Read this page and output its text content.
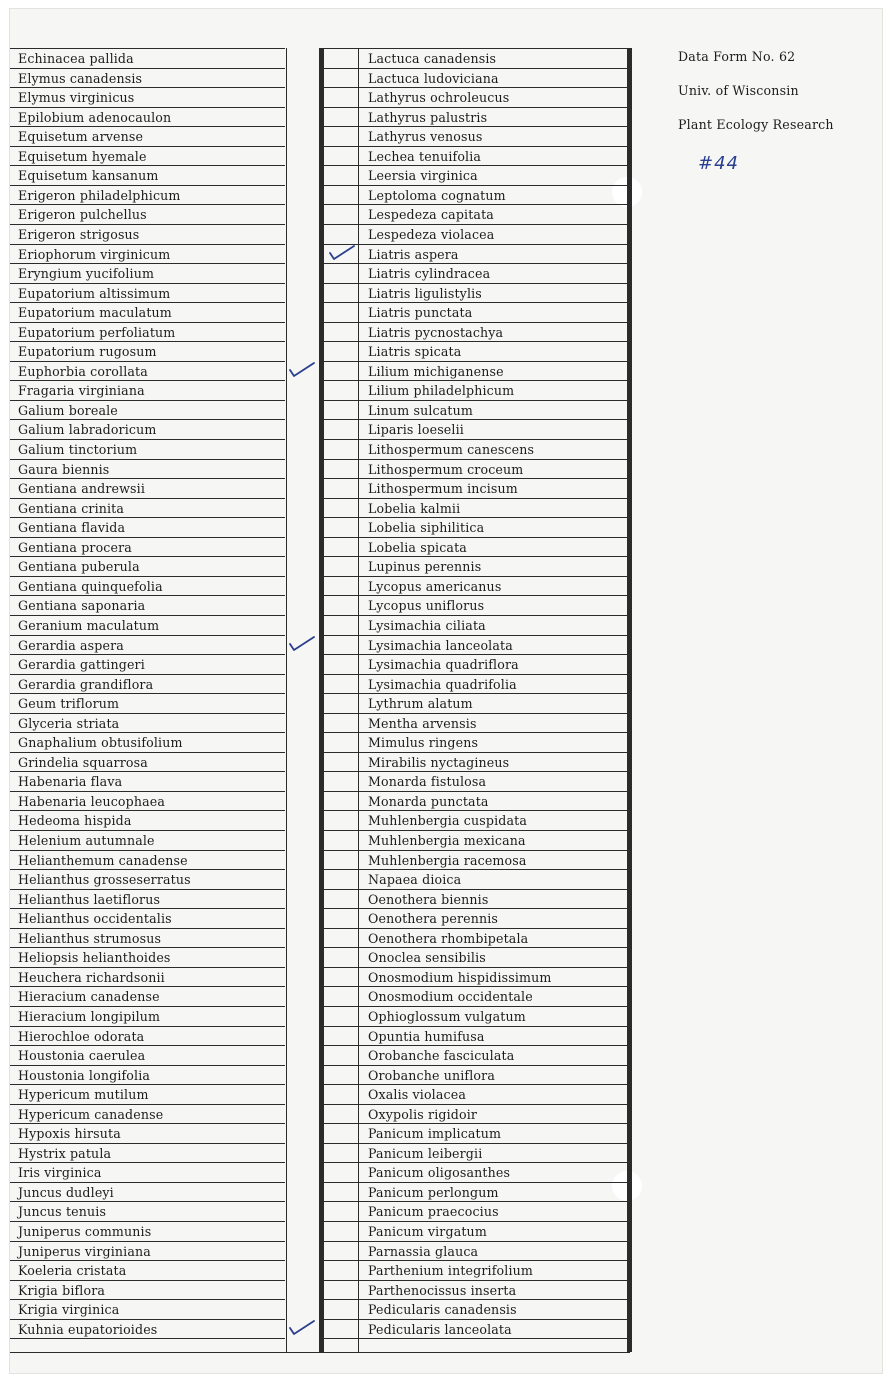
Data Form No. 62
Univ. of Wisconsin
Plant Ecology Research
#44
Echinacea pallida
Elymus canadensis
Elymus virginicus
Epilobium adenocaulon
Equisetum arvense
Equisetum hyemale
Equisetum kansanum
Erigeron philadelphicum
Erigeron pulchellus
Erigeron strigosus
Eriophorum virginicum
Eryngium yucifolium
Eupatorium altissimum
Eupatorium maculatum
Eupatorium perfoliatum
Eupatorium rugosum
Euphorbia corollata
Fragaria virginiana
Galium boreale
Galium labradoricum
Galium tinctorium
Gaura biennis
Gentiana andrewsii
Gentiana crinita
Gentiana flavida
Gentiana procera
Gentiana puberula
Gentiana quinquefolia
Gentiana saponaria
Geranium maculatum
Gerardia aspera
Gerardia gattingeri
Gerardia grandiflora
Geum triflorum
Glyceria striata
Gnaphalium obtusifolium
Grindelia squarrosa
Habenaria flava
Habenaria leucophaea
Hedeoma hispida
Helenium autumnale
Helianthemum canadense
Helianthus grosseserratus
Helianthus laetiflorus
Helianthus occidentalis
Helianthus strumosus
Heliopsis helianthoides
Heuchera richardsonii
Hieracium canadense
Hieracium longipilum
Hierochloe odorata
Houstonia caerulea
Houstonia longifolia
Hypericum mutilum
Hypericum canadense
Hypoxis hirsuta
Hystrix patula
Iris virginica
Juncus dudleyi
Juncus tenuis
Juniperus communis
Juniperus virginiana
Koeleria cristata
Krigia biflora
Krigia virginica
Kuhnia eupatorioides
Lactuca canadensis
Lactuca ludoviciana
Lathyrus ochroleucus
Lathyrus palustris
Lathyrus venosus
Lechea tenuifolia
Leersia virginica
Leptoloma cognatum
Lespedeza capitata
Lespedeza violacea
Liatris aspera
Liatris cylindracea
Liatris ligulistylis
Liatris punctata
Liatris pycnostachya
Liatris spicata
Lilium michiganense
Lilium philadelphicum
Linum sulcatum
Liparis loeselii
Lithospermum canescens
Lithospermum croceum
Lithospermum incisum
Lobelia kalmii
Lobelia siphilitica
Lobelia spicata
Lupinus perennis
Lycopus americanus
Lycopus uniflorus
Lysimachia ciliata
Lysimachia lanceolata
Lysimachia quadriflora
Lysimachia quadrifolia
Lythrum alatum
Mentha arvensis
Mimulus ringens
Mirabilis nyctagineus
Monarda fistulosa
Monarda punctata
Muhlenbergia cuspidata
Muhlenbergia mexicana
Muhlenbergia racemosa
Napaea dioica
Oenothera biennis
Oenothera perennis
Oenothera rhombipetala
Onoclea sensibilis
Onosmodium hispidissimum
Onosmodium occidentale
Ophioglossum vulgatum
Opuntia humifusa
Orobanche fasciculata
Orobanche uniflora
Oxalis violacea
Oxypolis rigidoir
Panicum implicatum
Panicum leibergii
Panicum oligosanthes
Panicum perlongum
Panicum praecocius
Panicum virgatum
Parnassia glauca
Parthenium integrifolium
Parthenocissus inserta
Pedicularis canadensis
Pedicularis lanceolata
